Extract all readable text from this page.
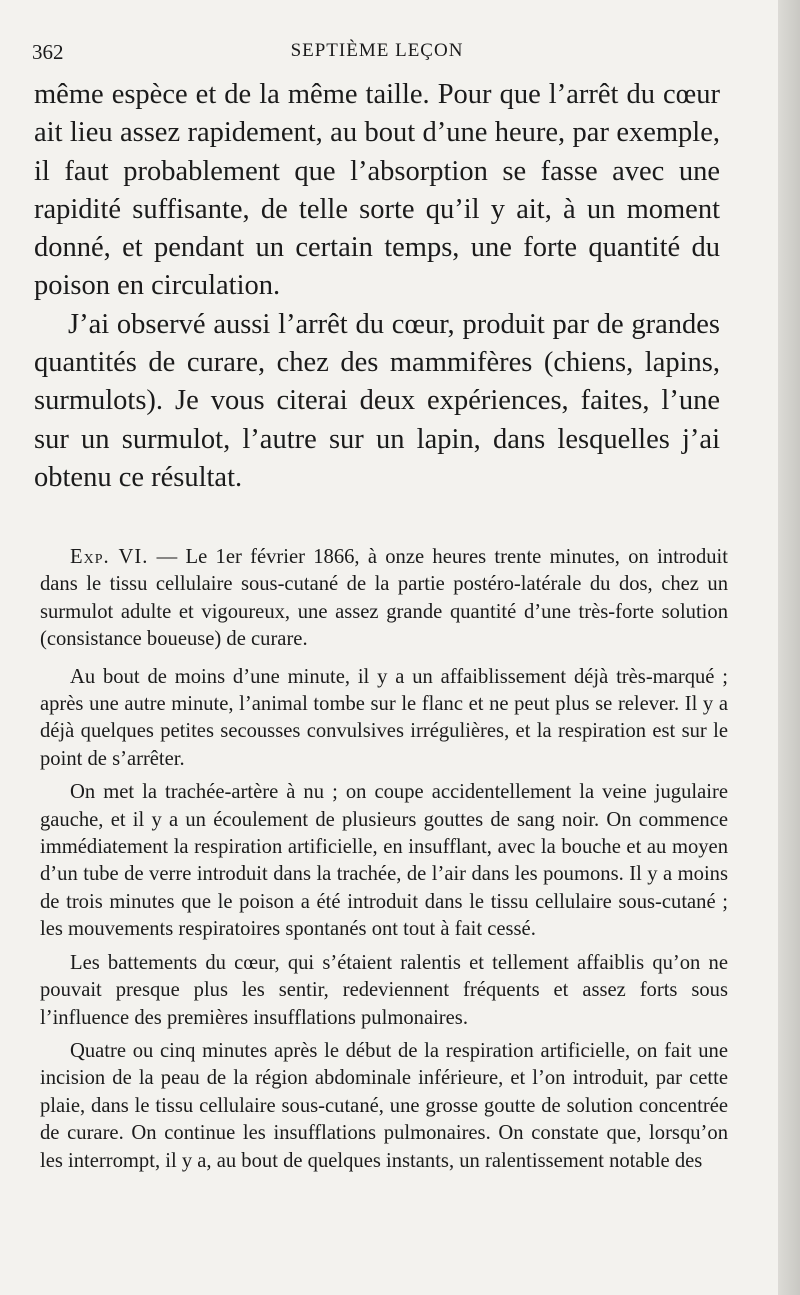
362	SEPTIÈME LEÇON

même espèce et de la même taille. Pour que l’arrêt du cœur ait lieu assez rapidement, au bout d’une heure, par exemple, il faut probablement que l’absorption se fasse avec une rapidité suffisante, de telle sorte qu’il y ait, à un moment donné, et pendant un certain temps, une forte quantité du poison en circulation.

J’ai observé aussi l’arrêt du cœur, produit par de grandes quantités de curare, chez des mammifères (chiens, lapins, surmulots). Je vous citerai deux expériences, faites, l’une sur un surmulot, l’autre sur un lapin, dans lesquelles j’ai obtenu ce résultat.

Exp. VI. — Le 1er février 1866, à onze heures trente minutes, on introduit dans le tissu cellulaire sous-cutané de la partie postéro-latérale du dos, chez un surmulot adulte et vigoureux, une assez grande quantité d’une très-forte solution (consistance boueuse) de curare.

Au bout de moins d’une minute, il y a un affaiblissement déjà très-marqué ; après une autre minute, l’animal tombe sur le flanc et ne peut plus se relever. Il y a déjà quelques petites secousses convulsives irrégulières, et la respiration est sur le point de s’arrêter.

On met la trachée-artère à nu ; on coupe accidentellement la veine jugulaire gauche, et il y a un écoulement de plusieurs gouttes de sang noir. On commence immédiatement la respiration artificielle, en insufflant, avec la bouche et au moyen d’un tube de verre introduit dans la trachée, de l’air dans les poumons. Il y a moins de trois minutes que le poison a été introduit dans le tissu cellulaire sous-cutané ; les mouvements respiratoires spontanés ont tout à fait cessé.

Les battements du cœur, qui s’étaient ralentis et tellement affaiblis qu’on ne pouvait presque plus les sentir, redeviennent fréquents et assez forts sous l’influence des premières insufflations pulmonaires.

Quatre ou cinq minutes après le début de la respiration artificielle, on fait une incision de la peau de la région abdominale inférieure, et l’on introduit, par cette plaie, dans le tissu cellulaire sous-cutané, une grosse goutte de solution concentrée de curare. On continue les insufflations pulmonaires. On constate que, lorsqu’on les interrompt, il y a, au bout de quelques instants, un ralentissement notable des
